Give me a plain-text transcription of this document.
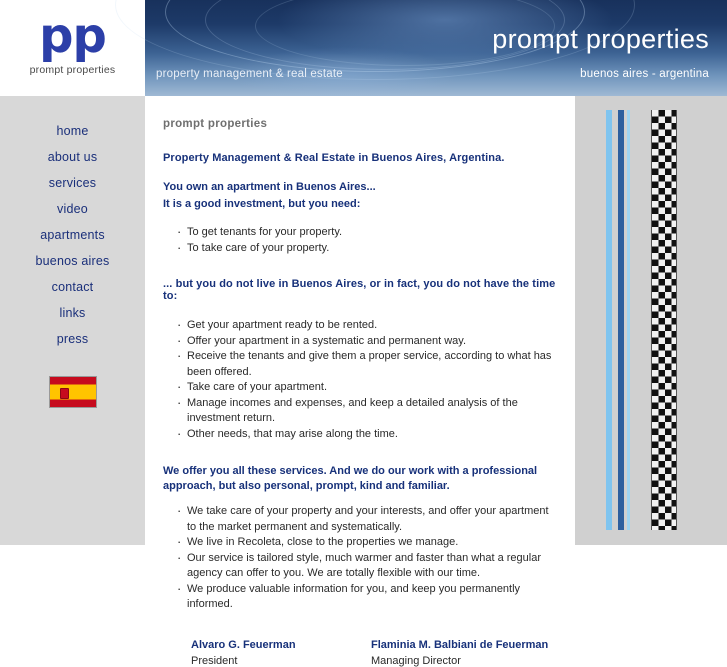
pp
prompt properties
prompt properties
property management & real estate	buenos aires - argentina
home
about us
services
video
apartments
buenos aires
contact
links
press
prompt properties
Property Management & Real Estate in Buenos Aires, Argentina.
You own an apartment in Buenos Aires...
It is a good investment, but you need:
· To get tenants for your property.
· To take care of your property.
... but you do not live in Buenos Aires, or in fact, you do not have the time to:
· Get your apartment ready to be rented.
· Offer your apartment in a systematic and permanent way.
· Receive the tenants and give them a proper service, according to what has been offered.
· Take care of your apartment.
· Manage incomes and expenses, and keep a detailed analysis of the investment return.
· Other needs, that may arise along the time.
We offer you all these services. And we do our work with a professional approach, but also personal, prompt, kind and familiar.
· We take care of your property and your interests, and offer your apartment to the market permanent and systematically.
· We live in Recoleta, close to the properties we manage.
· Our service is tailored style, much warmer and faster than what a regular agency can offer to you. We are totally flexible with our time.
· We produce valuable information for you, and keep you permanently informed.
Alvaro G. Feuerman
President
Flaminia M. Balbiani de Feuerman
Managing Director
